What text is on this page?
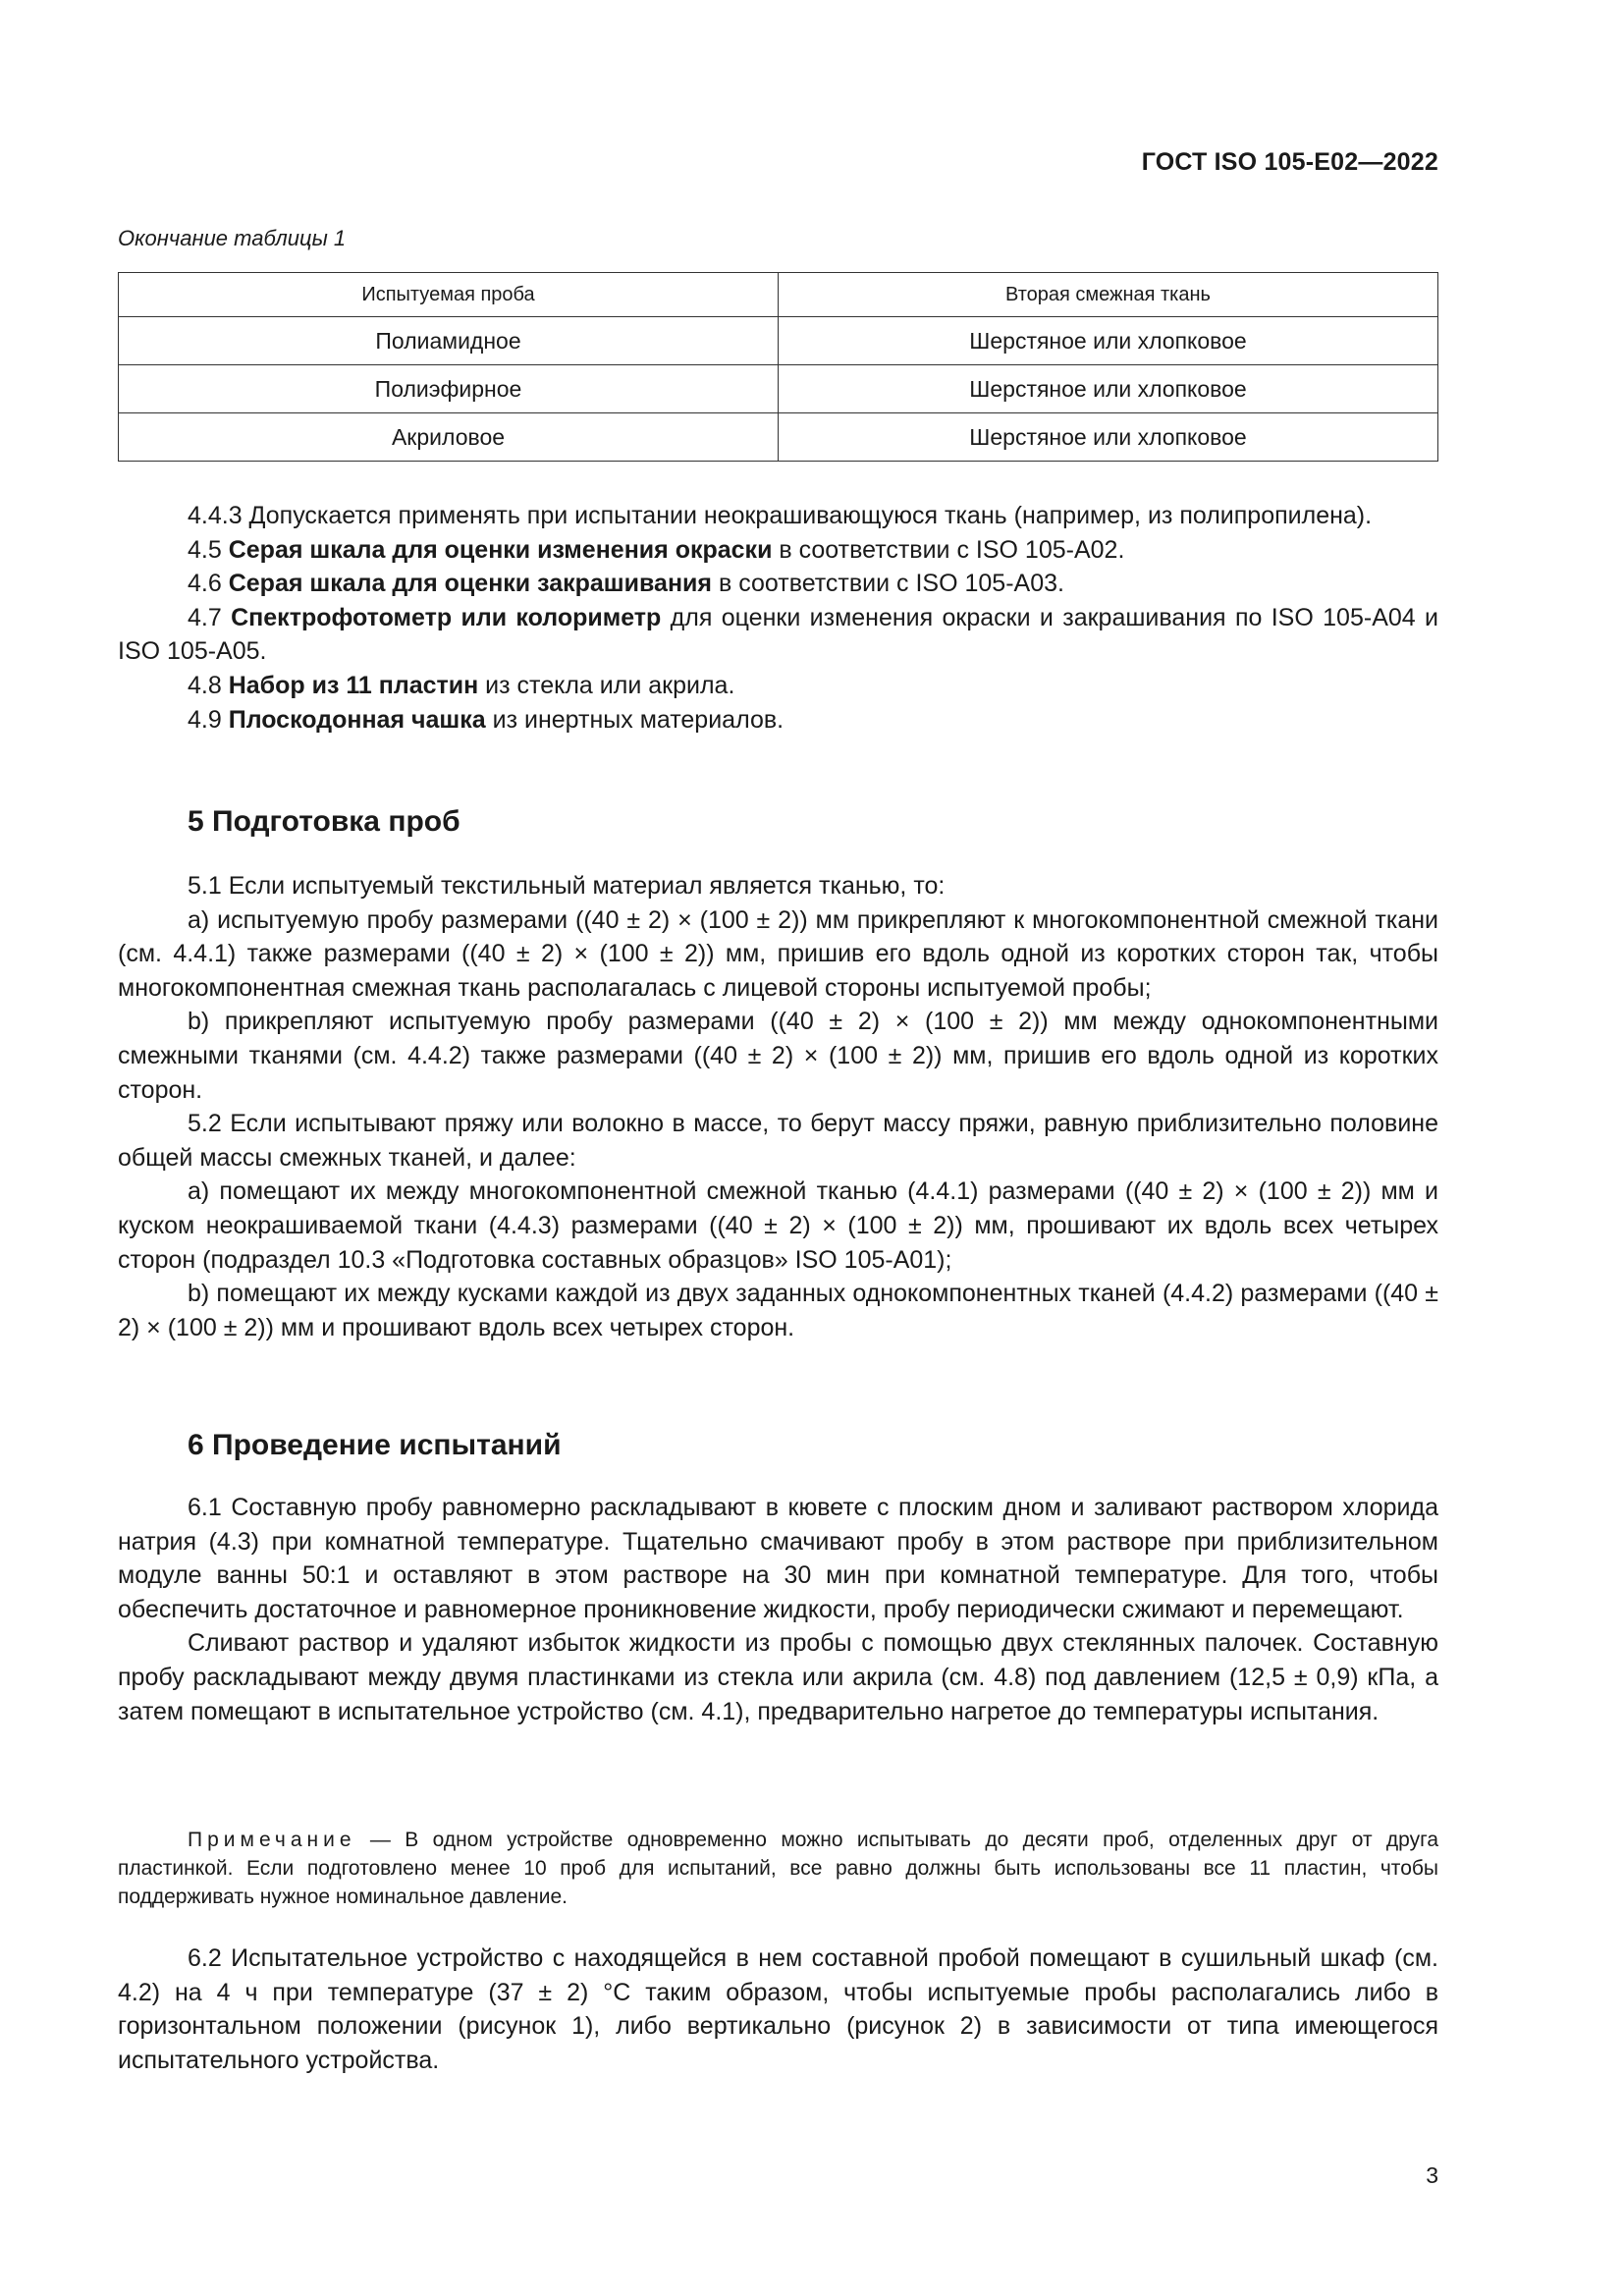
ГОСТ ISO 105-E02—2022
Окончание таблицы 1
Испытуемая проба	Вторая смежная ткань
Полиамидное	Шерстяное или хлопковое
Полиэфирное	Шерстяное или хлопковое
Акриловое	Шерстяное или хлопковое

4.4.3 Допускается применять при испытании неокрашивающуюся ткань (например, из полипропилена).

4.5 Серая шкала для оценки изменения окраски в соответствии с ISO 105-A02.

4.6 Серая шкала для оценки закрашивания в соответствии с ISO 105-A03.

4.7 Спектрофотометр или колориметр для оценки изменения окраски и закрашивания по ISO 105-A04 и ISO 105-A05.

4.8 Набор из 11 пластин из стекла или акрила.

4.9 Плоскодонная чашка из инертных материалов.

5 Подготовка проб

5.1 Если испытуемый текстильный материал является тканью, то:

a) испытуемую пробу размерами ((40 ± 2) × (100 ± 2)) мм прикрепляют к многокомпонентной смежной ткани (см. 4.4.1) также размерами ((40 ± 2) × (100 ± 2)) мм, пришив его вдоль одной из коротких сторон так, чтобы многокомпонентная смежная ткань располагалась с лицевой стороны испытуемой пробы;

b) прикрепляют испытуемую пробу размерами ((40 ± 2) × (100 ± 2)) мм между однокомпонентными смежными тканями (см. 4.4.2) также размерами ((40 ± 2) × (100 ± 2)) мм, пришив его вдоль одной из коротких сторон.

5.2 Если испытывают пряжу или волокно в массе, то берут массу пряжи, равную приблизительно половине общей массы смежных тканей, и далее:

a) помещают их между многокомпонентной смежной тканью (4.4.1) размерами ((40 ± 2) × (100 ± 2)) мм и куском неокрашиваемой ткани (4.4.3) размерами ((40 ± 2) × (100 ± 2)) мм, прошивают их вдоль всех четырех сторон (подраздел 10.3 «Подготовка составных образцов» ISO 105-A01);

b) помещают их между кусками каждой из двух заданных однокомпонентных тканей (4.4.2) размерами ((40 ± 2) × (100 ± 2)) мм и прошивают вдоль всех четырех сторон.

6 Проведение испытаний

6.1 Составную пробу равномерно раскладывают в кювете с плоским дном и заливают раствором хлорида натрия (4.3) при комнатной температуре. Тщательно смачивают пробу в этом растворе при приблизительном модуле ванны 50:1 и оставляют в этом растворе на 30 мин при комнатной температуре. Для того, чтобы обеспечить достаточное и равномерное проникновение жидкости, пробу периодически сжимают и перемещают.

Сливают раствор и удаляют избыток жидкости из пробы с помощью двух стеклянных палочек. Составную пробу раскладывают между двумя пластинками из стекла или акрила (см. 4.8) под давлением (12,5 ± 0,9) кПа, а затем помещают в испытательное устройство (см. 4.1), предварительно нагретое до температуры испытания.

Примечание — В одном устройстве одновременно можно испытывать до десяти проб, отделенных друг от друга пластинкой. Если подготовлено менее 10 проб для испытаний, все равно должны быть использованы все 11 пластин, чтобы поддерживать нужное номинальное давление.

6.2 Испытательное устройство с находящейся в нем составной пробой помещают в сушильный шкаф (см. 4.2) на 4 ч при температуре (37 ± 2) °C таким образом, чтобы испытуемые пробы располагались либо в горизонтальном положении (рисунок 1), либо вертикально (рисунок 2) в зависимости от типа имеющегося испытательного устройства.

3
